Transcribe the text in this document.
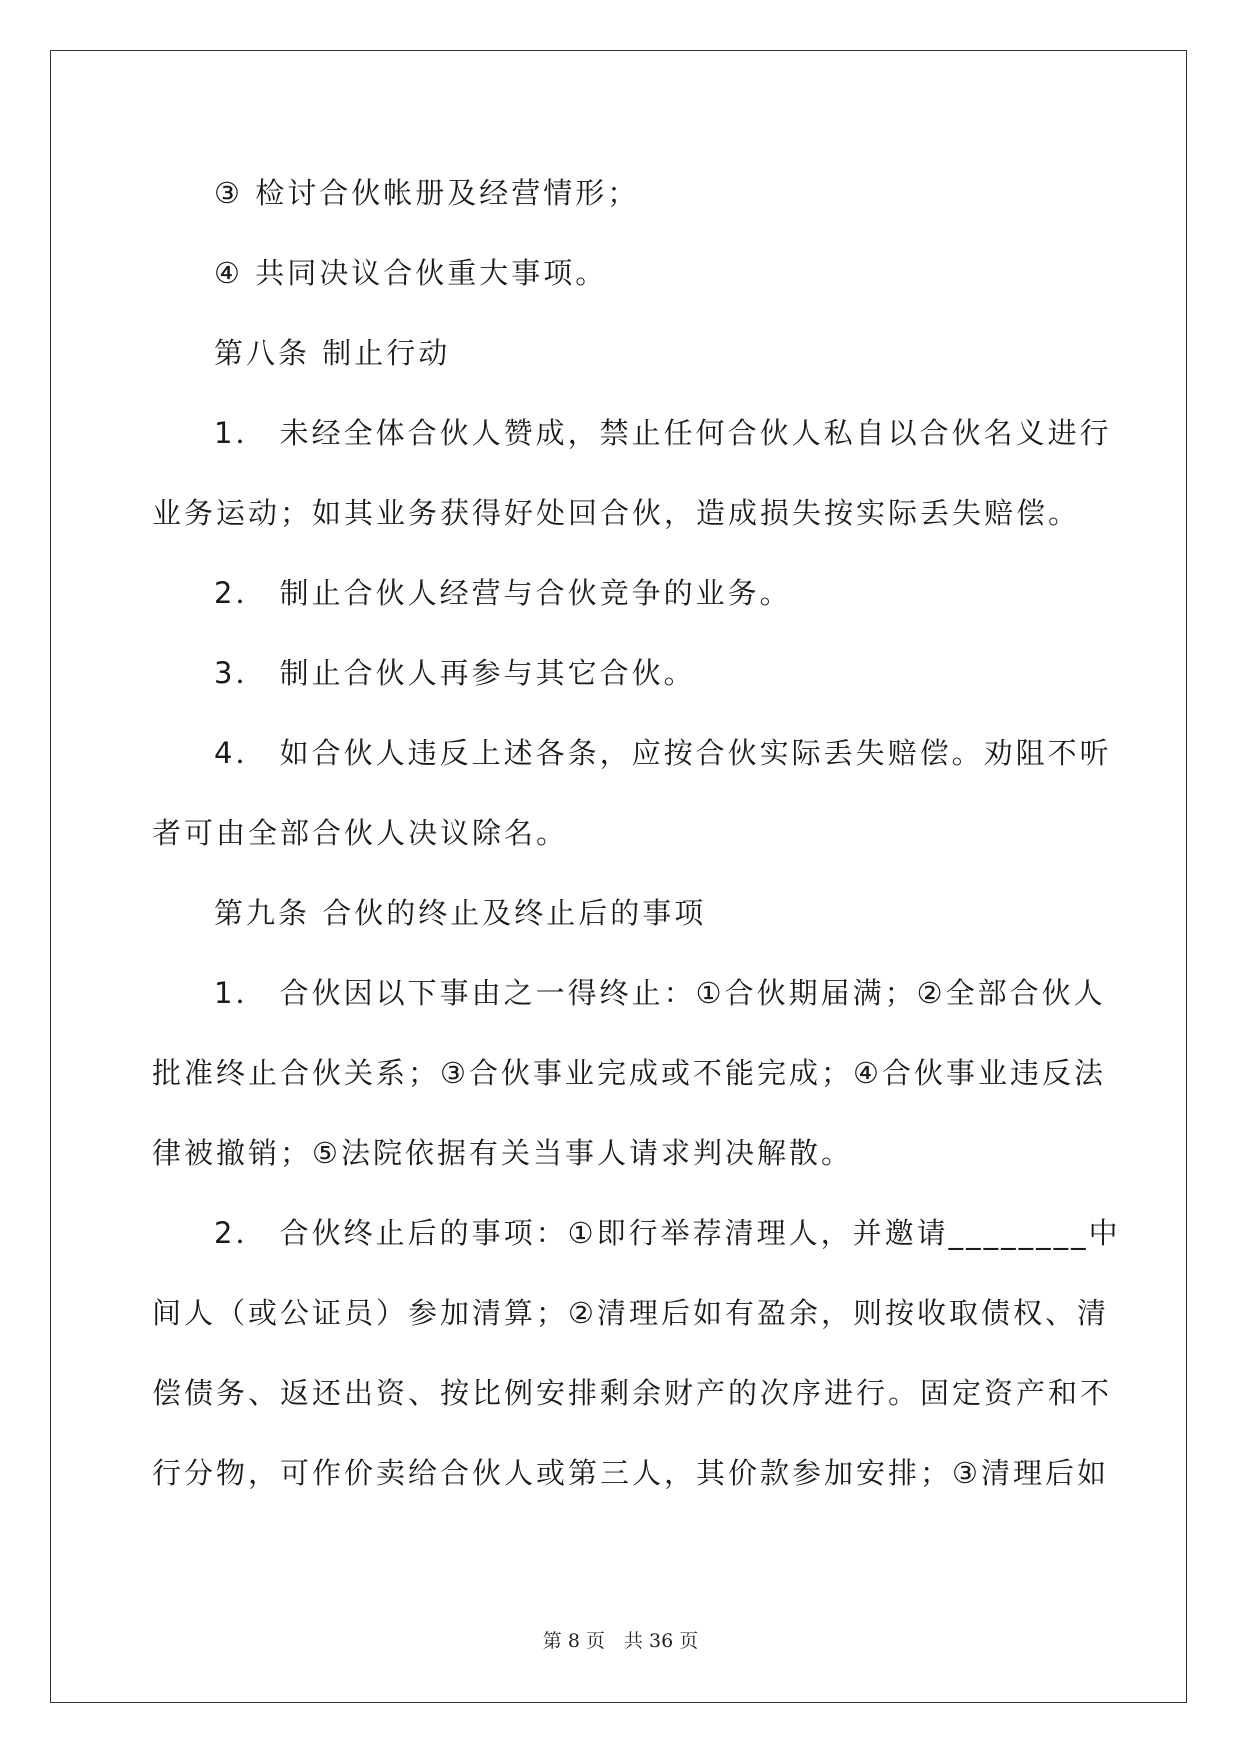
③ 检讨合伙帐册及经营情形；
④ 共同决议合伙重大事项。
第八条 制止行动
1． 未经全体合伙人赞成，禁止任何合伙人私自以合伙名义进行
业务运动；如其业务获得好处回合伙，造成损失按实际丢失赔偿。
2． 制止合伙人经营与合伙竞争的业务。
3． 制止合伙人再参与其它合伙。
4． 如合伙人违反上述各条，应按合伙实际丢失赔偿。劝阻不听
者可由全部合伙人决议除名。
第九条 合伙的终止及终止后的事项
1． 合伙因以下事由之一得终止：①合伙期届满；②全部合伙人
批准终止合伙关系；③合伙事业完成或不能完成；④合伙事业违反法
律被撤销；⑤法院依据有关当事人请求判决解散。
2． 合伙终止后的事项：①即行举荐清理人，并邀请________中
间人（或公证员）参加清算；②清理后如有盈余，则按收取债权、清
偿债务、返还出资、按比例安排剩余财产的次序进行。固定资产和不
行分物，可作价卖给合伙人或第三人，其价款参加安排；③清理后如
第 8 页　共 36 页
